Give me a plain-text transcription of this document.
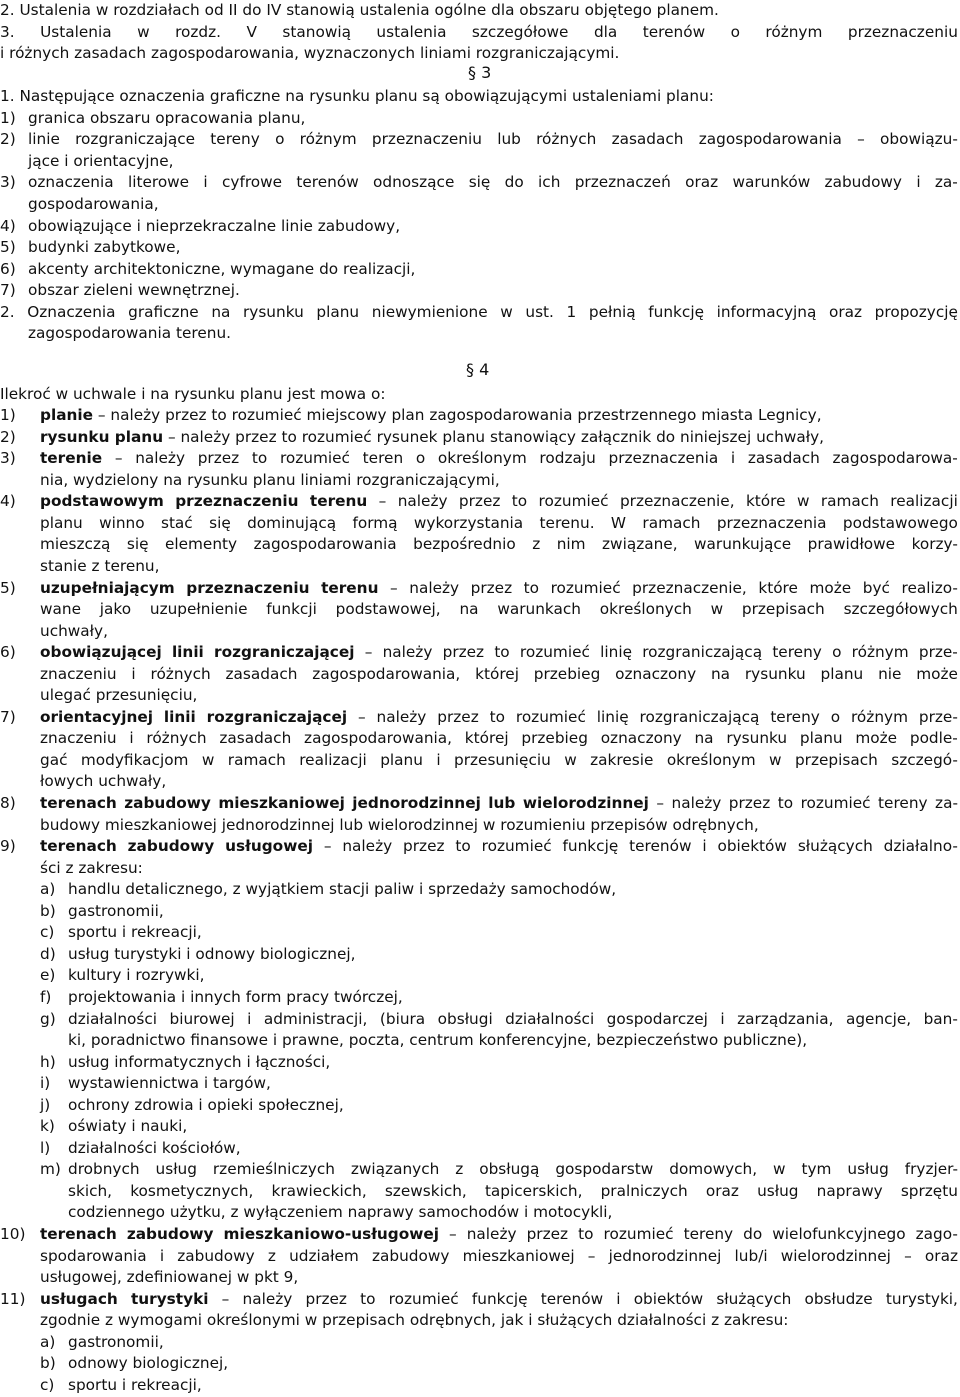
2. Ustalenia w rozdziałach od II do IV stanowią ustalenia ogólne dla obszaru objętego planem.
3. Ustalenia w rozdz. V stanowią ustalenia szczegółowe dla terenów o różnym przeznaczeniu
i różnych zasadach zagospodarowania, wyznaczonych liniami rozgraniczającymi.
§ 3
1. Następujące oznaczenia graficzne na rysunku planu są obowiązującymi ustaleniami planu:
1) granica obszaru opracowania planu,
2) linie rozgraniczające tereny o różnym przeznaczeniu lub różnych zasadach zagospodarowania – obowiązu-
jące i orientacyjne,
3) oznaczenia literowe i cyfrowe terenów odnoszące się do ich przeznaczeń oraz warunków zabudowy i za-
gospodarowania,
4) obowiązujące i nieprzekraczalne linie zabudowy,
5) budynki zabytkowe,
6) akcenty architektoniczne, wymagane do realizacji,
7) obszar zieleni wewnętrznej.
2. Oznaczenia graficzne na rysunku planu niewymienione w ust. 1 pełnią funkcję informacyjną oraz propozycję
zagospodarowania terenu.
§ 4
Ilekroć w uchwale i na rysunku planu jest mowa o:
1) planie – należy przez to rozumieć miejscowy plan zagospodarowania przestrzennego miasta Legnicy,
2) rysunku planu – należy przez to rozumieć rysunek planu stanowiący załącznik do niniejszej uchwały,
3) terenie – należy przez to rozumieć teren o określonym rodzaju przeznaczenia i zasadach zagospodarowa-
nia, wydzielony na rysunku planu liniami rozgraniczającymi,
4) podstawowym przeznaczeniu terenu – należy przez to rozumieć przeznaczenie, które w ramach realizacji
planu winno stać się dominującą formą wykorzystania terenu. W ramach przeznaczenia podstawowego
mieszczą się elementy zagospodarowania bezpośrednio z nim związane, warunkujące prawidłowe korzy-
stanie z terenu,
5) uzupełniającym przeznaczeniu terenu – należy przez to rozumieć przeznaczenie, które może być realizo-
wane jako uzupełnienie funkcji podstawowej, na warunkach określonych w przepisach szczegółowych
uchwały,
6) obowiązującej linii rozgraniczającej – należy przez to rozumieć linię rozgraniczającą tereny o różnym prze-
znaczeniu i różnych zasadach zagospodarowania, której przebieg oznaczony na rysunku planu nie może
ulegać przesunięciu,
7) orientacyjnej linii rozgraniczającej – należy przez to rozumieć linię rozgraniczającą tereny o różnym prze-
znaczeniu i różnych zasadach zagospodarowania, której przebieg oznaczony na rysunku planu może podle-
gać modyfikacjom w ramach realizacji planu i przesunięciu w zakresie określonym w przepisach szczegó-
łowych uchwały,
8) terenach zabudowy mieszkaniowej jednorodzinnej lub wielorodzinnej – należy przez to rozumieć tereny za-
budowy mieszkaniowej jednorodzinnej lub wielorodzinnej w rozumieniu przepisów odrębnych,
9) terenach zabudowy usługowej – należy przez to rozumieć funkcję terenów i obiektów służących działalno-
ści z zakresu:
a) handlu detalicznego, z wyjątkiem stacji paliw i sprzedaży samochodów,
b) gastronomii,
c) sportu i rekreacji,
d) usług turystyki i odnowy biologicznej,
e) kultury i rozrywki,
f) projektowania i innych form pracy twórczej,
g) działalności biurowej i administracji, (biura obsługi działalności gospodarczej i zarządzania, agencje, ban-
ki, poradnictwo finansowe i prawne, poczta, centrum konferencyjne, bezpieczeństwo publiczne),
h) usług informatycznych i łączności,
i) wystawiennictwa i targów,
j) ochrony zdrowia i opieki społecznej,
k) oświaty i nauki,
l) działalności kościołów,
m) drobnych usług rzemieślniczych związanych z obsługą gospodarstw domowych, w tym usług fryzjer-
skich, kosmetycznych, krawieckich, szewskich, tapicerskich, pralniczych oraz usług naprawy sprzętu
codziennego użytku, z wyłączeniem naprawy samochodów i motocykli,
10) terenach zabudowy mieszkaniowo-usługowej – należy przez to rozumieć tereny do wielofunkcyjnego zago-
spodarowania i zabudowy z udziałem zabudowy mieszkaniowej – jednorodzinnej lub/i wielorodzinnej – oraz
usługowej, zdefiniowanej w pkt 9,
11) usługach turystyki – należy przez to rozumieć funkcję terenów i obiektów służących obsłudze turystyki,
zgodnie z wymogami określonymi w przepisach odrębnych, jak i służących działalności z zakresu:
a) gastronomii,
b) odnowy biologicznej,
c) sportu i rekreacji,
